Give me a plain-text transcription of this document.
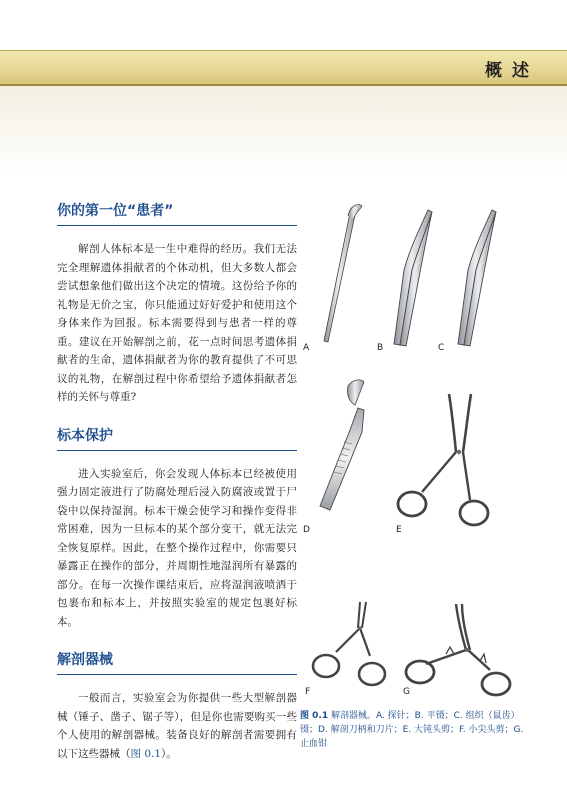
概述
你的第一位“患者”

解剖人体标本是一生中难得的经历。我们无法完全理解遗体捐献者的个体动机，但大多数人都会尝试想象他们做出这个决定的情境。这份给予你的礼物是无价之宝，你只能通过好好爱护和使用这个身体来作为回报。标本需要得到与患者一样的尊重。建议在开始解剖之前，花一点时间思考遗体捐献者的生命，遗体捐献者为你的教育提供了不可思议的礼物，在解剖过程中你希望给予遗体捐献者怎样的关怀与尊重?

标本保护

进入实验室后，你会发现人体标本已经被使用强力固定液进行了防腐处理后浸入防腐液或置于尸袋中以保持湿润。标本干燥会使学习和操作变得非常困难，因为一旦标本的某个部分变干，就无法完全恢复原样。因此，在整个操作过程中，你需要只暴露正在操作的部分，并周期性地湿润所有暴露的部分。在每一次操作课结束后，应将湿润液喷洒于包裹布和标本上，并按照实验室的规定包裹好标本。

解剖器械

一般而言，实验室会为你提供一些大型解剖器械（锤子、凿子、锯子等），但是你也需要购买一些个人使用的解剖器械。装备良好的解剖者需要拥有以下这些器械（图 0.1）。

A	B	C
D	E
F	G
图 0.1 解剖器械。A. 探针；B. 平镊；C. 组织（鼠齿）镊；D. 解剖刀柄和刀片；E. 大钝头剪；F. 小尖头剪；G. 止血钳
